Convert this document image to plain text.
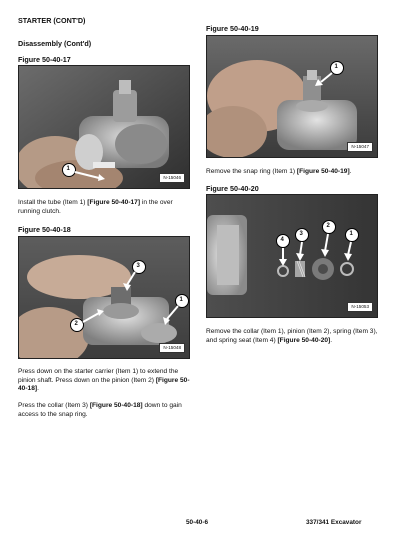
STARTER (CONT'D)
Disassembly (Cont'd)
Figure 50-40-17
1
N-15046

Install the tube (Item 1) [Figure 50-40-17] in the over running clutch.

Figure 50-40-18
3
1
2
N-15048

Press down on the starter carrier (Item 1) to extend the pinion shaft. Press down on the pinion (Item 2) [Figure 50-40-18].

Press the collar (Item 3) [Figure 50-40-18] down to gain access to the snap ring.

Figure 50-40-19
1
N-15047

Remove the snap ring (Item 1) [Figure 50-40-19].

Figure 50-40-20
4
3
2
1
N-15053

Remove the collar (Item 1), pinion (Item 2), spring (Item 3), and spring seat (Item 4) [Figure 50-40-20].

50-40-6	337/341 Excavator
